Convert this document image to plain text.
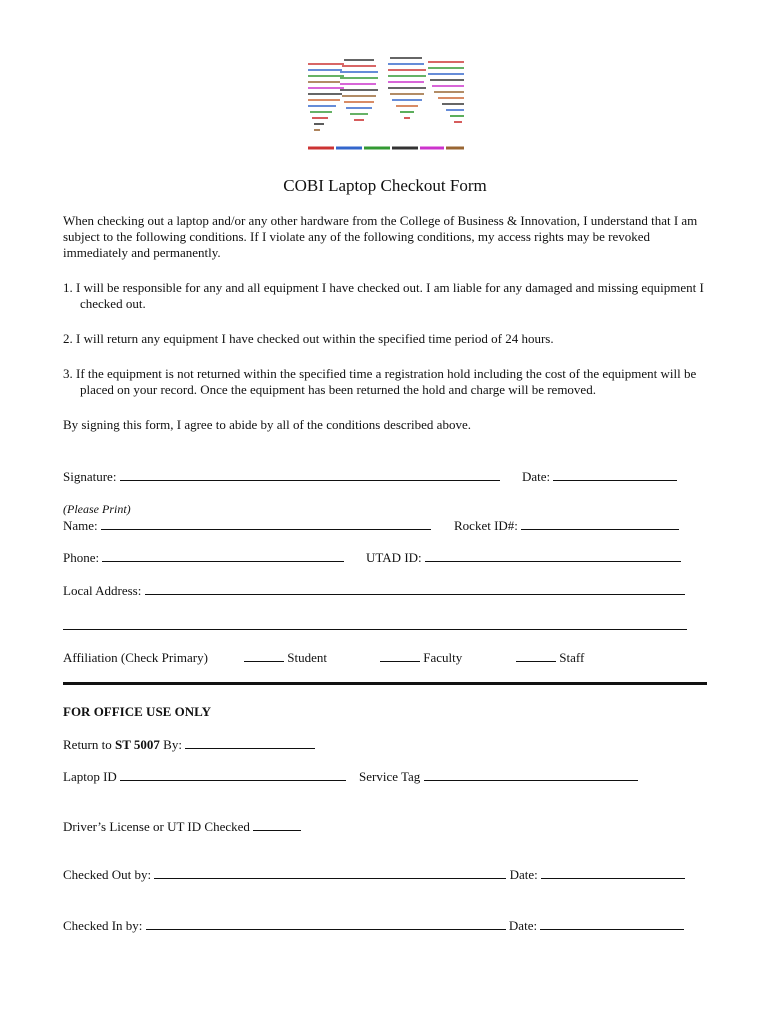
COBI Laptop Checkout Form
When checking out a laptop and/or any other hardware from the College of Business & Innovation, I understand that I am subject to the following conditions. If I violate any of the following conditions, my access rights may be revoked immediately and permanently.
1. I will be responsible for any and all equipment I have checked out. I am liable for any damaged and missing equipment I checked out.
2. I will return any equipment I have checked out within the specified time period of 24 hours.
3. If the equipment is not returned within the specified time a registration hold including the cost of the equipment will be placed on your record. Once the equipment has been returned the hold and charge will be removed.
By signing this form, I agree to abide by all of the conditions described above.
Signature:	Date:
(Please Print)
Name:	Rocket ID#:
Phone:	UTAD ID:
Local Address:
Affiliation (Check Primary)	Student	Faculty	Staff
FOR OFFICE USE ONLY
Return to ST 5007 By:
Laptop ID	Service Tag
Driver’s License or UT ID Checked
Checked Out by:	Date:
Checked In by:	Date:
